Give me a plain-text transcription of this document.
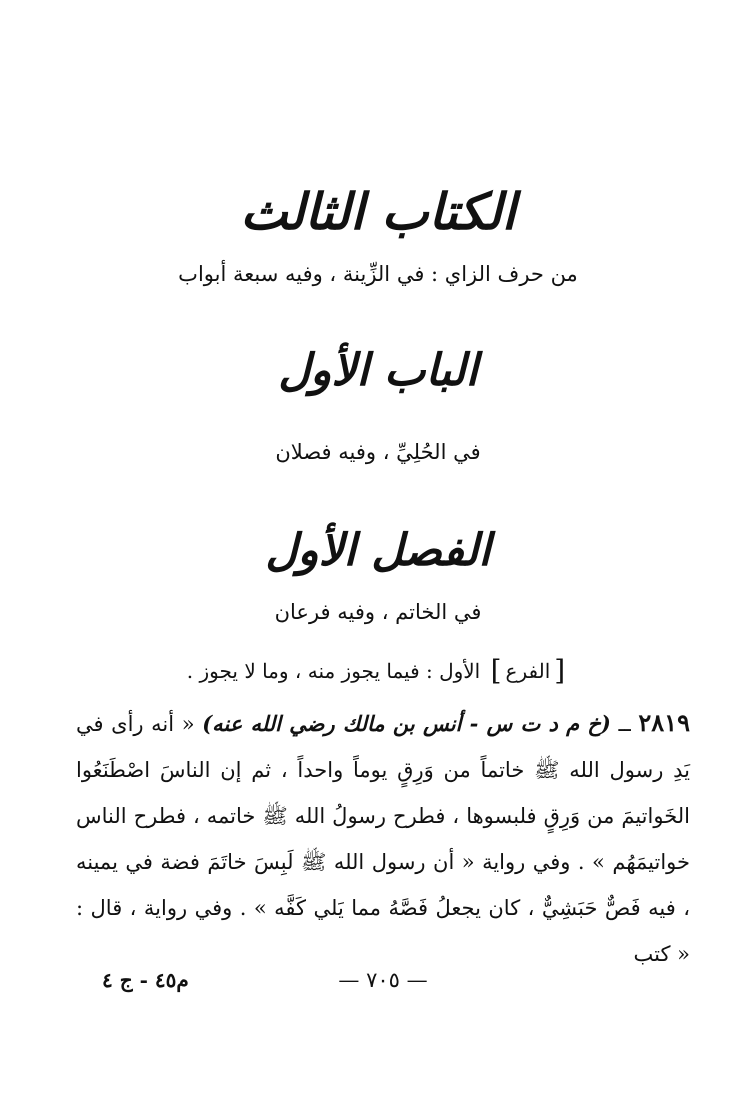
الكتاب الثالث
من حرف الزاي : في الزِّينة ، وفيه سبعة أبواب
الباب الأول
في الحُلِيِّ ، وفيه فصلان
الفصل الأول
في الخاتم ، وفيه فرعان
[الفرع] الأول : فيما يجوز منه ، وما لا يجوز .
٢٨١٩ ــ (خ م د ت س - أنس بن مالك رضي الله عنه) « أنه رأى في يَدِ رسول الله ﷺ خاتماً من وَرِقٍ يوماً واحداً ، ثم إن الناسَ اصْطَنَعُوا الخَواتيمَ من وَرِقٍ فلبسوها ، فطرح رسولُ الله ﷺ خاتمه ، فطرح الناس خواتيمَهُم » . وفي رواية « أن رسول الله ﷺ لَبِسَ خاتَمَ فضة في يمينه ، فيه فَصٌّ حَبَشِيٌّ ، كان يجعلُ فَصَّهُ مما يَلي كَفَّه » . وفي رواية ، قال : « كتب
— ٧٠٥ —
م٤٥ - ج ٤
